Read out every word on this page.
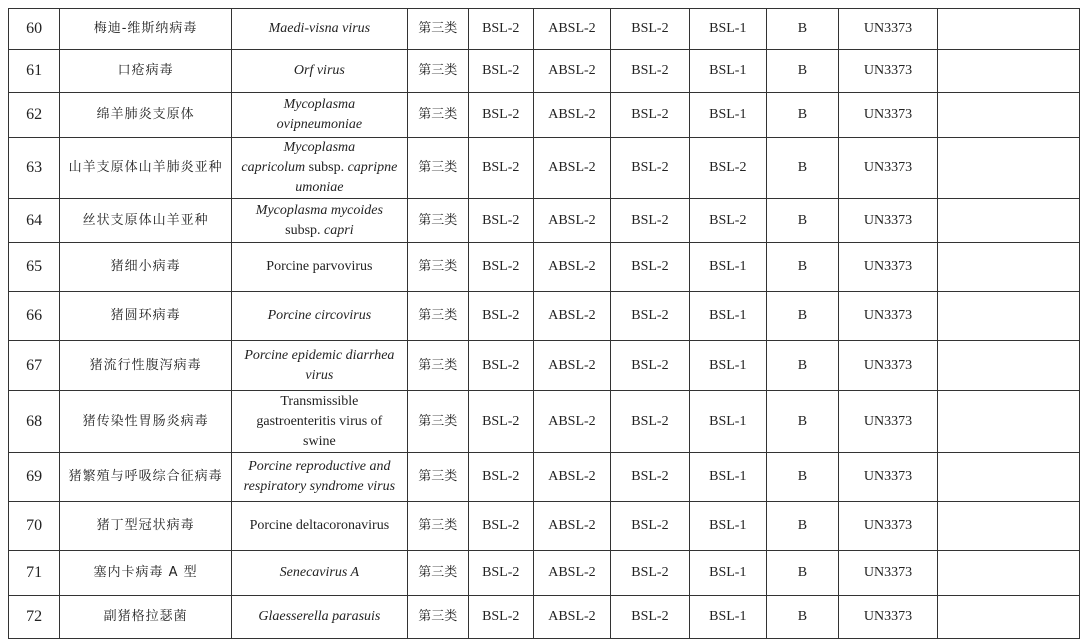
60	梅迪-维斯纳病毒	Maedi-visna virus	第三类	BSL-2	ABSL-2	BSL-2	BSL-1	B	UN3373	
61	口疮病毒	Orf virus	第三类	BSL-2	ABSL-2	BSL-2	BSL-1	B	UN3373	
62	绵羊肺炎支原体	Mycoplasma
ovipneumoniae	第三类	BSL-2	ABSL-2	BSL-2	BSL-1	B	UN3373	
63	山羊支原体山羊肺炎亚种	Mycoplasma
capricolum subsp. capripne
umoniae	第三类	BSL-2	ABSL-2	BSL-2	BSL-2	B	UN3373	
64	丝状支原体山羊亚种	Mycoplasma mycoides
subsp. capri	第三类	BSL-2	ABSL-2	BSL-2	BSL-2	B	UN3373	
65	猪细小病毒	Porcine parvovirus	第三类	BSL-2	ABSL-2	BSL-2	BSL-1	B	UN3373	
66	猪圆环病毒	Porcine circovirus	第三类	BSL-2	ABSL-2	BSL-2	BSL-1	B	UN3373	
67	猪流行性腹泻病毒	Porcine epidemic diarrhea
virus	第三类	BSL-2	ABSL-2	BSL-2	BSL-1	B	UN3373	
68	猪传染性胃肠炎病毒	Transmissible
gastroenteritis virus of
swine	第三类	BSL-2	ABSL-2	BSL-2	BSL-1	B	UN3373	
69	猪繁殖与呼吸综合征病毒	Porcine reproductive and
respiratory syndrome virus	第三类	BSL-2	ABSL-2	BSL-2	BSL-1	B	UN3373	
70	猪丁型冠状病毒	Porcine deltacoronavirus	第三类	BSL-2	ABSL-2	BSL-2	BSL-1	B	UN3373	
71	塞内卡病毒 A 型	Senecavirus A	第三类	BSL-2	ABSL-2	BSL-2	BSL-1	B	UN3373	
72	副猪格拉瑟菌	Glaesserella parasuis	第三类	BSL-2	ABSL-2	BSL-2	BSL-1	B	UN3373	
